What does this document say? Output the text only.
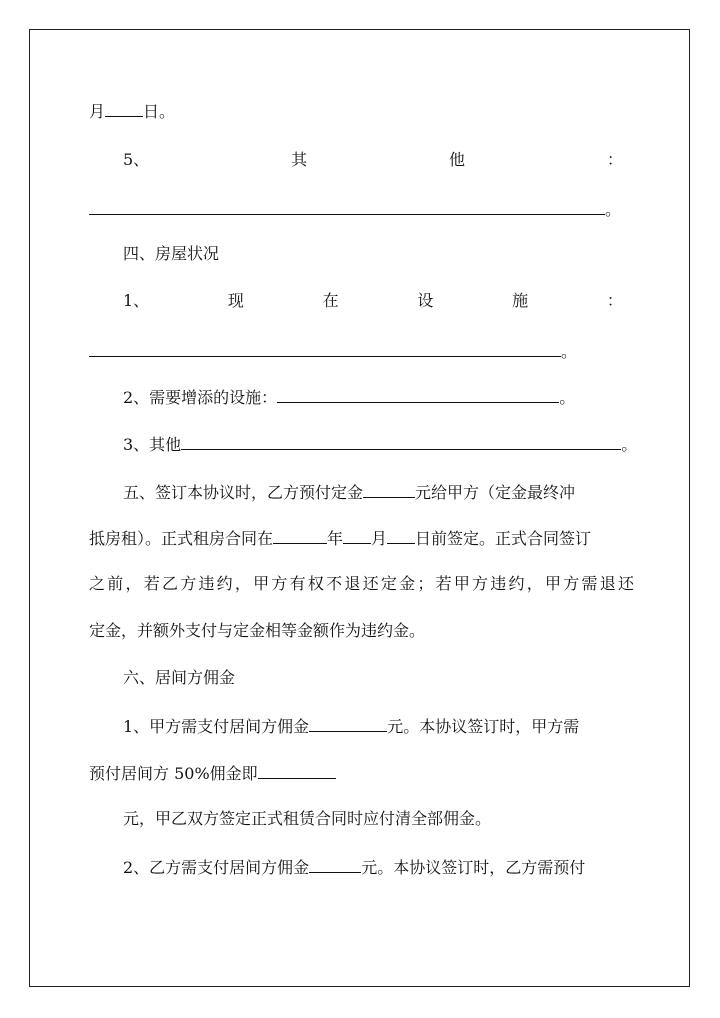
月 日。

5、	其	他	：

。

四、房屋状况

1、	现	在	设	施	：

。

2、需要增添的设施：	。

3、其他	。

五、签订本协议时，乙方预付定金	元给甲方（定金最终冲

抵房租）。正式租房合同在	年 月 日前签定。正式合同签订

之前，若乙方违约，甲方有权不退还定金；若甲方违约，甲方需退还

定金，并额外支付与定金相等金额作为违约金。

六、居间方佣金

1、甲方需支付居间方佣金	元。本协议签订时，甲方需

预付居间方 50%佣金即

元，甲乙双方签定正式租赁合同时应付清全部佣金。

2、乙方需支付居间方佣金	元。本协议签订时，乙方需预付
